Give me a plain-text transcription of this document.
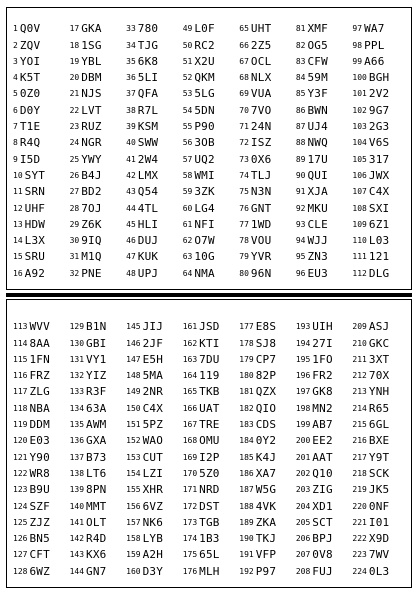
1 Q0V
2 ZQV
3 YOI
4 K5T
5 0Z0
6 D0Y
7 T1E
8 R4Q
9 I5D
10 SYT
11 SRN
12 UHF
13 HDW
14 L3X
15 SRU
16 A92
17 GKA
18 1SG
19 YBL
20 DBM
21 NJS
22 LVT
23 RUZ
24 NGR
25 YWY
26 B4J
27 BD2
28 7OJ
29 Z6K
30 9IQ
31 M1Q
32 PNE
33 780
34 TJG
35 6K8
36 5LI
37 QFA
38 R7L
39 KSM
40 SWW
41 2W4
42 LMX
43 Q54
44 4TL
45 HLI
46 DUJ
47 KUK
48 UPJ
49 L0F
50 RC2
51 X2U
52 QKM
53 5LG
54 5DN
55 P90
56 3OB
57 UQ2
58 WMI
59 3ZK
60 LG4
61 NFI
62 O7W
63 10G
64 NMA
65 UHT
66 2Z5
67 OCL
68 NLX
69 VUA
70 7VO
71 24N
72 ISZ
73 0X6
74 TLJ
75 N3N
76 GNT
77 1WD
78 VOU
79 YVR
80 96N
81 XMF
82 OG5
83 CFW
84 59M
85 Y3F
86 BWN
87 UJ4
88 NWQ
89 17U
90 QUI
91 XJA
92 MKU
93 CLE
94 WJJ
95 ZN3
96 EU3
97 WA7
98 PPL
99 A66
100 BGH
101 2V2
102 9G7
103 2G3
104 V6S
105 317
106 JWX
107 C4X
108 SXI
109 6Z1
110 L03
111 121
112 DLG
113 WVV
114 8AA
115 1FN
116 FRZ
117 ZLG
118 NBA
119 DDM
120 E03
121 Y90
122 WR8
123 B9U
124 SZF
125 ZJZ
126 BN5
127 CFT
128 6WZ
129 B1N
130 GBI
131 VY1
132 YIZ
133 R3F
134 63A
135 AWM
136 GXA
137 B73
138 LT6
139 8PN
140 MMT
141 OLT
142 R4D
143 KX6
144 GN7
145 JIJ
146 2JF
147 E5H
148 5MA
149 2NR
150 C4X
151 5PZ
152 WAO
153 CUT
154 LZI
155 XHR
156 6VZ
157 NK6
158 LYB
159 A2H
160 D3Y
161 JSD
162 KTI
163 7DU
164 119
165 TKB
166 UAT
167 TRE
168 OMU
169 I2P
170 5Z0
171 NRD
172 DST
173 TGB
174 1B3
175 65L
176 MLH
177 E8S
178 SJ8
179 CP7
180 82P
181 QZX
182 QIO
183 CDS
184 0Y2
185 K4J
186 XA7
187 W5G
188 4VK
189 ZKA
190 TKJ
191 VFP
192 P97
193 UIH
194 27I
195 1FO
196 FR2
197 GK8
198 MN2
199 AB7
200 EE2
201 AAT
202 Q10
203 ZIG
204 XD1
205 SCT
206 BPJ
207 0V8
208 FUJ
209 ASJ
210 GKC
211 3XT
212 70X
213 YNH
214 R65
215 6GL
216 BXE
217 Y9T
218 SCK
219 JK5
220 0NF
221 I01
222 X9D
223 7WV
224 0L3
